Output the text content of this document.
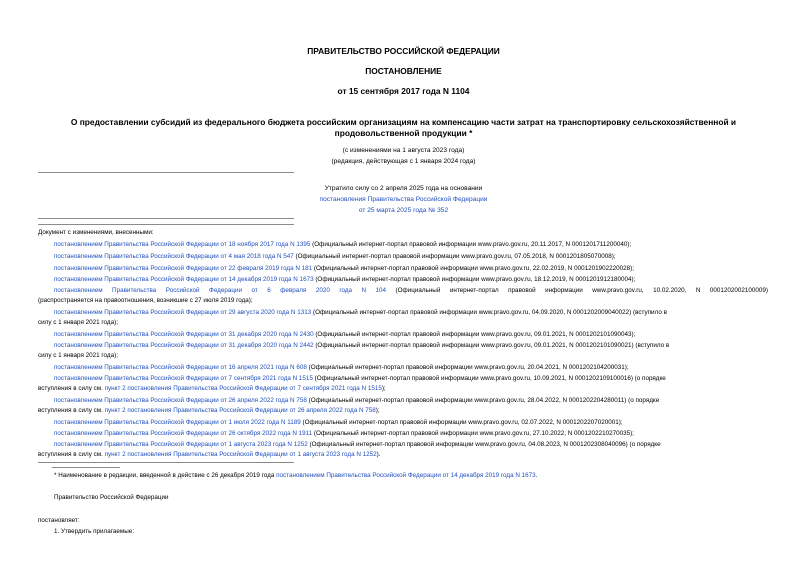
ПРАВИТЕЛЬСТВО РОССИЙСКОЙ ФЕДЕРАЦИИ
ПОСТАНОВЛЕНИЕ
от 15 сентября 2017 года N 1104
О предоставлении субсидий из федерального бюджета российским организациям на компенсацию части затрат на транспортировку сельскохозяйственной и
продовольственной продукции *
(с изменениями на 1 августа 2023 года)
(редакция, действующая с 1 января 2024 года)
Утратило силу со 2 апреля 2025 года на основании
постановления Правительства Российской Федерации
от 25 марта 2025 года № 352
Документ с изменениями, внесенными:
постановлением Правительства Российской Федерации от 18 ноября 2017 года N 1395 (Официальный интернет-портал правовой информации www.pravo.gov.ru, 20.11.2017, N 0001201711200040);
постановлением Правительства Российской Федерации от 4 мая 2018 года N 547 (Официальный интернет-портал правовой информации www.pravo.gov.ru, 07.05.2018, N 0001201805070008);
постановлением Правительства Российской Федерации от 22 февраля 2019 года N 181 (Официальный интернет-портал правовой информации www.pravo.gov.ru, 22.02.2019, N 0001201902220028);
постановлением Правительства Российской Федерации от 14 декабря 2019 года N 1673 (Официальный интернет-портал правовой информации www.pravo.gov.ru, 18.12.2019, N 0001201912180004);
постановлением Правительства Российской Федерации от 6 февраля 2020 года N 104 (Официальный интернет-портал правовой информации www.pravo.gov.ru, 10.02.2020, N 0001202002100009)
(распространяется на правоотношения, возникшие с 27 июля 2019 года);
постановлением Правительства Российской Федерации от 29 августа 2020 года N 1313 (Официальный интернет-портал правовой информации www.pravo.gov.ru, 04.09.2020, N 0001202009040022) (вступило в
силу с 1 января 2021 года);
постановлением Правительства Российской Федерации от 31 декабря 2020 года N 2430 (Официальный интернет-портал правовой информации www.pravo.gov.ru, 09.01.2021, N 0001202101090043);
постановлением Правительства Российской Федерации от 31 декабря 2020 года N 2442 (Официальный интернет-портал правовой информации www.pravo.gov.ru, 09.01.2021, N 0001202101090021) (вступило в
силу с 1 января 2021 года);
постановлением Правительства Российской Федерации от 16 апреля 2021 года N 608 (Официальный интернет-портал правовой информации www.pravo.gov.ru, 20.04.2021, N 0001202104200031);
постановлением Правительства Российской Федерации от 7 сентября 2021 года N 1515 (Официальный интернет-портал правовой информации www.pravo.gov.ru, 10.09.2021, N 0001202109100016) (о порядке
вступления в силу см. пункт 2 постановления Правительства Российской Федерации от 7 сентября 2021 года N 1515);
постановлением Правительства Российской Федерации от 26 апреля 2022 года N 758 (Официальный интернет-портал правовой информации www.pravo.gov.ru, 28.04.2022, N 0001202204280011) (о порядке
вступления в силу см. пункт 2 постановления Правительства Российской Федерации от 26 апреля 2022 года N 758);
постановлением Правительства Российской Федерации от 1 июля 2022 года N 1189 (Официальный интернет-портал правовой информации www.pravo.gov.ru, 02.07.2022, N 0001202207020001);
постановлением Правительства Российской Федерации от 26 октября 2022 года N 1911 (Официальный интернет-портал правовой информации www.pravo.gov.ru, 27.10.2022, N 0001202210270035);
постановлением Правительства Российской Федерации от 1 августа 2023 года N 1252 (Официальный интернет-портал правовой информации www.pravo.gov.ru, 04.08.2023, N 0001202308040096) (о порядке
вступления в силу см. пункт 2 постановления Правительства Российской Федерации от 1 августа 2023 года N 1252).
* Наименование в редакции, введенной в действие с 26 декабря 2019 года постановлением Правительства Российской Федерации от 14 декабря 2019 года N 1673.
Правительство Российской Федерации
постановляет:
1. Утвердить прилагаемые:
